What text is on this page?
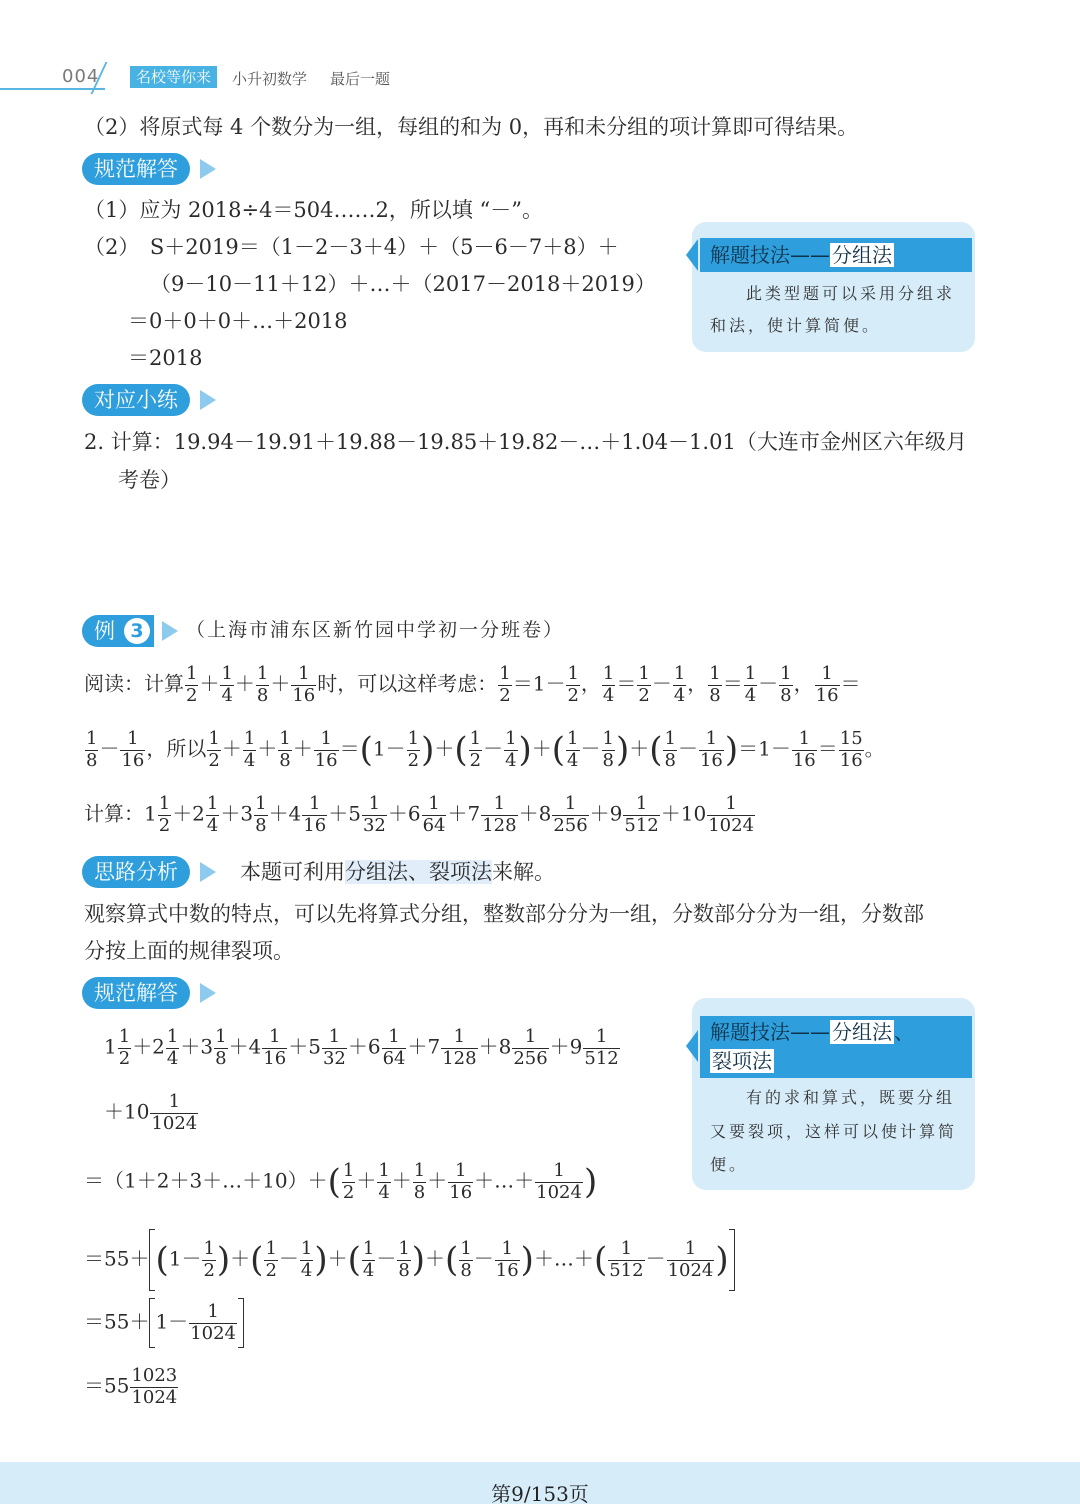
004	名校等你来	小升初数学 最后一题
（2）将原式每 4 个数分为一组，每组的和为 0，再和未分组的项计算即可得结果。
规范解答
（1）应为 2018÷4＝504……2，所以填 “－”。
（2）　S＋2019＝（1－2－3＋4）＋（5－6－7＋8）＋
（9－10－11＋12）＋…＋（2017－2018＋2019）
＝0＋0＋0＋…＋2018
＝2018
解题技法—— 分组法
此类型题可以采用分组求
和法，使计算简便。
对应小练
2. 计算：19.94－19.91＋19.88－19.85＋19.82－…＋1.04－1.01（大连市金州区六年级月
考卷）
例 3	（上海市浦东区新竹园中学初一分班卷）
阅读：计算 $\frac{1}{2} + \frac{1}{4} + \frac{1}{8} + \frac{1}{16}$ 时，可以这样考虑： $\frac{1}{2} =1- \frac{1}{2}$ ， $\frac{1}{4} = \frac{1}{2} - \frac{1}{4}$ ， $\frac{1}{8} = \frac{1}{4} - \frac{1}{8}$ ， $\frac{1}{16}$ ＝
$\frac{1}{8} - \frac{1}{16}$ ，所以 $\frac{1}{2} + \frac{1}{4} + \frac{1}{8} + \frac{1}{16} =(1- \frac{1}{2}$ )＋( $\frac{1}{2} - \frac{1}{4}$ )＋( $\frac{1}{4} - \frac{1}{8}$ )＋( $\frac{1}{8} - \frac{1}{16} )=1- \frac{1}{16} = \frac{15}{16}$ 。
计算：$1 \frac{1}{2} +2 \frac{1}{4} +3 \frac{1}{8} +4 \frac{1}{16} +5 \frac{1}{32} +6 \frac{1}{64} +7 \frac{1}{128} +8 \frac{1}{256} +9 \frac{1}{512} +10 \frac{1}{1024}$
思路分析	本题可利用分组法、裂项法来解。
观察算式中数的特点，可以先将算式分组，整数部分分为一组，分数部分分为一组，分数部
分按上面的规律裂项。
规范解答
$1 \frac{1}{2} +2 \frac{1}{4} +3 \frac{1}{8} +4 \frac{1}{16} +5 \frac{1}{32} +6 \frac{1}{64} +7 \frac{1}{128} +8 \frac{1}{256} +9 \frac{1}{512}$
$+10 \frac{1}{1024}$
＝（1＋2＋3＋…＋10）＋( $\frac{1}{2} + \frac{1}{4} + \frac{1}{8} + \frac{1}{16}$ ＋…＋ $\frac{1}{1024}$ )
$=55+ (1- \frac{1}{2}$ )＋( $\frac{1}{2} - \frac{1}{4}$ )＋( $\frac{1}{4} - \frac{1}{8}$ )＋( $\frac{1}{8} - \frac{1}{16}$ )＋…＋( $\frac{1}{512} - \frac{1}{1024}$ )
$=55+ 1- \frac{1}{1024}$
$=55 \frac{1023}{1024}$
解题技法—— 分组法 、
裂项法
有的求和算式，既要分组
又要裂项，这样可以使计算简
便。
第9/153页
